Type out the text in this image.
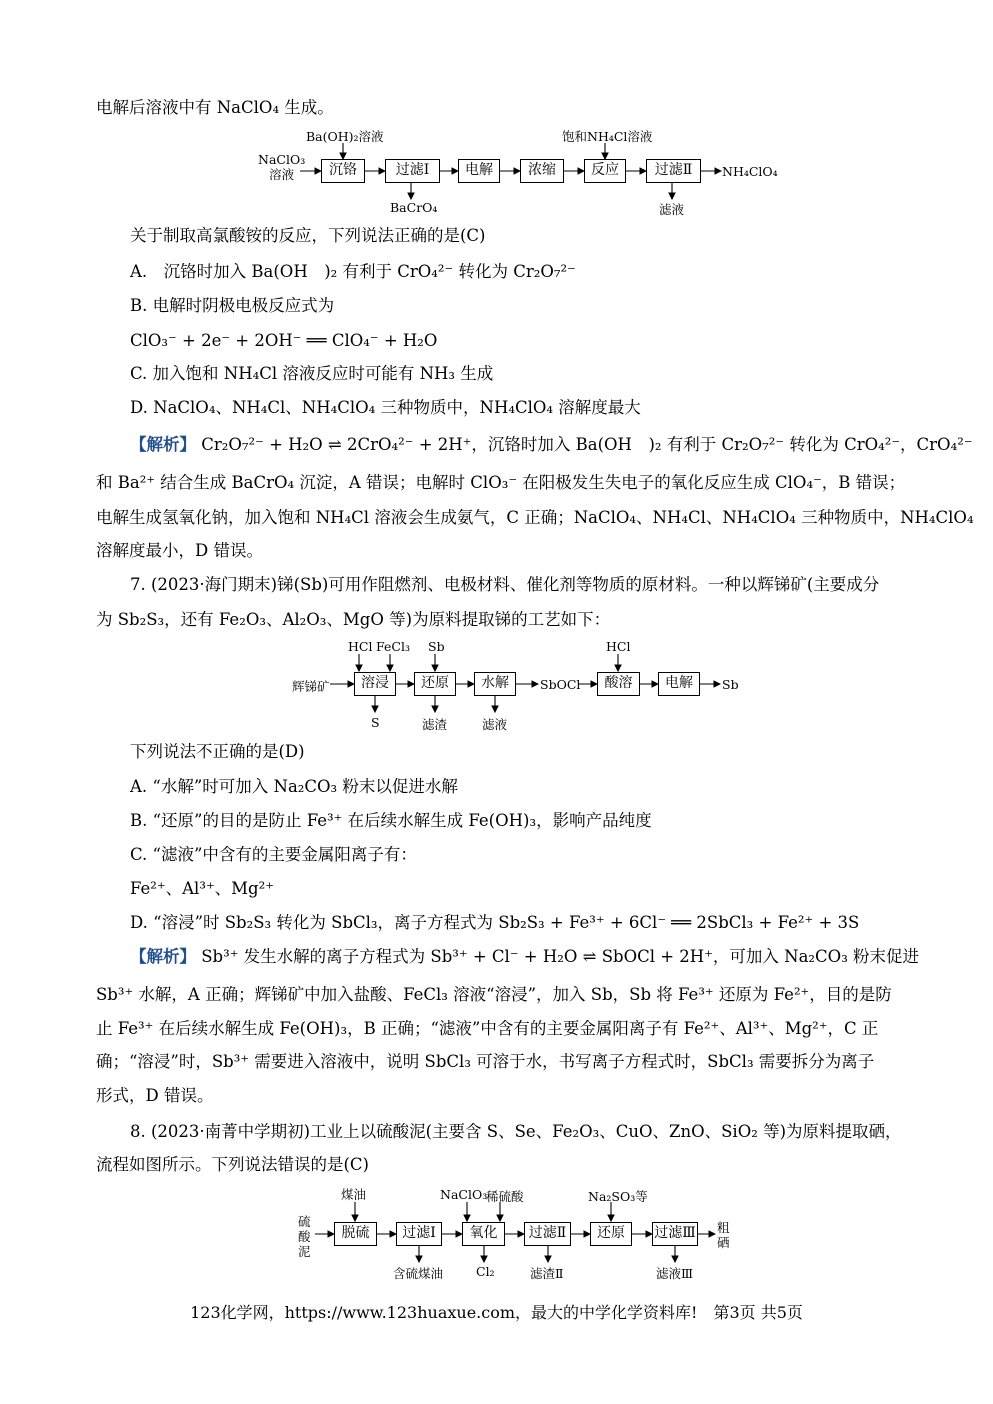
电解后溶液中有 NaClO₄ 生成。
NaClO₃
溶液	沉铬	过滤Ⅰ	电解	浓缩	反应	过滤Ⅱ	NH₄ClO₄
Ba(OH)₂溶液	饱和NH₄Cl溶液
BaCrO₄	滤液
关于制取高氯酸铵的反应，下列说法正确的是(C)
A.　沉铬时加入 Ba(OH　)₂ 有利于 CrO₄²⁻ 转化为 Cr₂O₇²⁻
B. 电解时阴极电极反应式为
ClO₃⁻ + 2e⁻ + 2OH⁻ ══ ClO₄⁻ + H₂O
C. 加入饱和 NH₄Cl 溶液反应时可能有 NH₃ 生成
D. NaClO₄、NH₄Cl、NH₄ClO₄ 三种物质中，NH₄ClO₄ 溶解度最大
【解析】 Cr₂O₇²⁻ + H₂O ⇌ 2CrO₄²⁻ + 2H⁺，沉铬时加入 Ba(OH　)₂ 有利于 Cr₂O₇²⁻ 转化为 CrO₄²⁻，CrO₄²⁻
和 Ba²⁺ 结合生成 BaCrO₄ 沉淀，A 错误；电解时 ClO₃⁻ 在阳极发生失电子的氧化反应生成 ClO₄⁻，B 错误；
电解生成氢氧化钠，加入饱和 NH₄Cl 溶液会生成氨气，C 正确；NaClO₄、NH₄Cl、NH₄ClO₄ 三种物质中，NH₄ClO₄
溶解度最小，D 错误。
7. (2023·海门期末)锑(Sb)可用作阻燃剂、电极材料、催化剂等物质的原材料。一种以辉锑矿(主要成分
为 Sb₂S₃，还有 Fe₂O₃、Al₂O₃、MgO 等)为原料提取锑的工艺如下：
辉锑矿	溶浸	还原	水解	SbOCl	酸溶	电解	Sb
HCl FeCl₃ Sb	HCl
S	滤渣	滤液
下列说法不正确的是(D)
A. “水解”时可加入 Na₂CO₃ 粉末以促进水解
B. “还原”的目的是防止 Fe³⁺ 在后续水解生成 Fe(OH)₃，影响产品纯度
C. “滤液”中含有的主要金属阳离子有：
Fe²⁺、Al³⁺、Mg²⁺
D. “溶浸”时 Sb₂S₃ 转化为 SbCl₃，离子方程式为 Sb₂S₃ + Fe³⁺ + 6Cl⁻ ══ 2SbCl₃ + Fe²⁺ + 3S
【解析】 Sb³⁺ 发生水解的离子方程式为 Sb³⁺ + Cl⁻ + H₂O ⇌ SbOCl + 2H⁺，可加入 Na₂CO₃ 粉末促进
Sb³⁺ 水解，A 正确；辉锑矿中加入盐酸、FeCl₃ 溶液“溶浸”，加入 Sb，Sb 将 Fe³⁺ 还原为 Fe²⁺，目的是防
止 Fe³⁺ 在后续水解生成 Fe(OH)₃，B 正确；“滤液”中含有的主要金属阳离子有 Fe²⁺、Al³⁺、Mg²⁺，C 正
确；“溶浸”时，Sb³⁺ 需要进入溶液中，说明 SbCl₃ 可溶于水，书写离子方程式时，SbCl₃ 需要拆分为离子
形式，D 错误。
8. (2023·南菁中学期初)工业上以硫酸泥(主要含 S、Se、Fe₂O₃、CuO、ZnO、SiO₂ 等)为原料提取硒，
流程如图所示。下列说法错误的是(C)
硫
酸
泥
脱硫	过滤Ⅰ	氧化	过滤Ⅱ	还原	过滤Ⅲ 粗
硒
煤油	NaClO₃
稀硫酸	Na₂SO₃等
含硫煤油	Cl₂	滤渣Ⅱ	滤液Ⅲ
123化学网，https://www.123huaxue.com，最大的中学化学资料库!　第3页 共5页
